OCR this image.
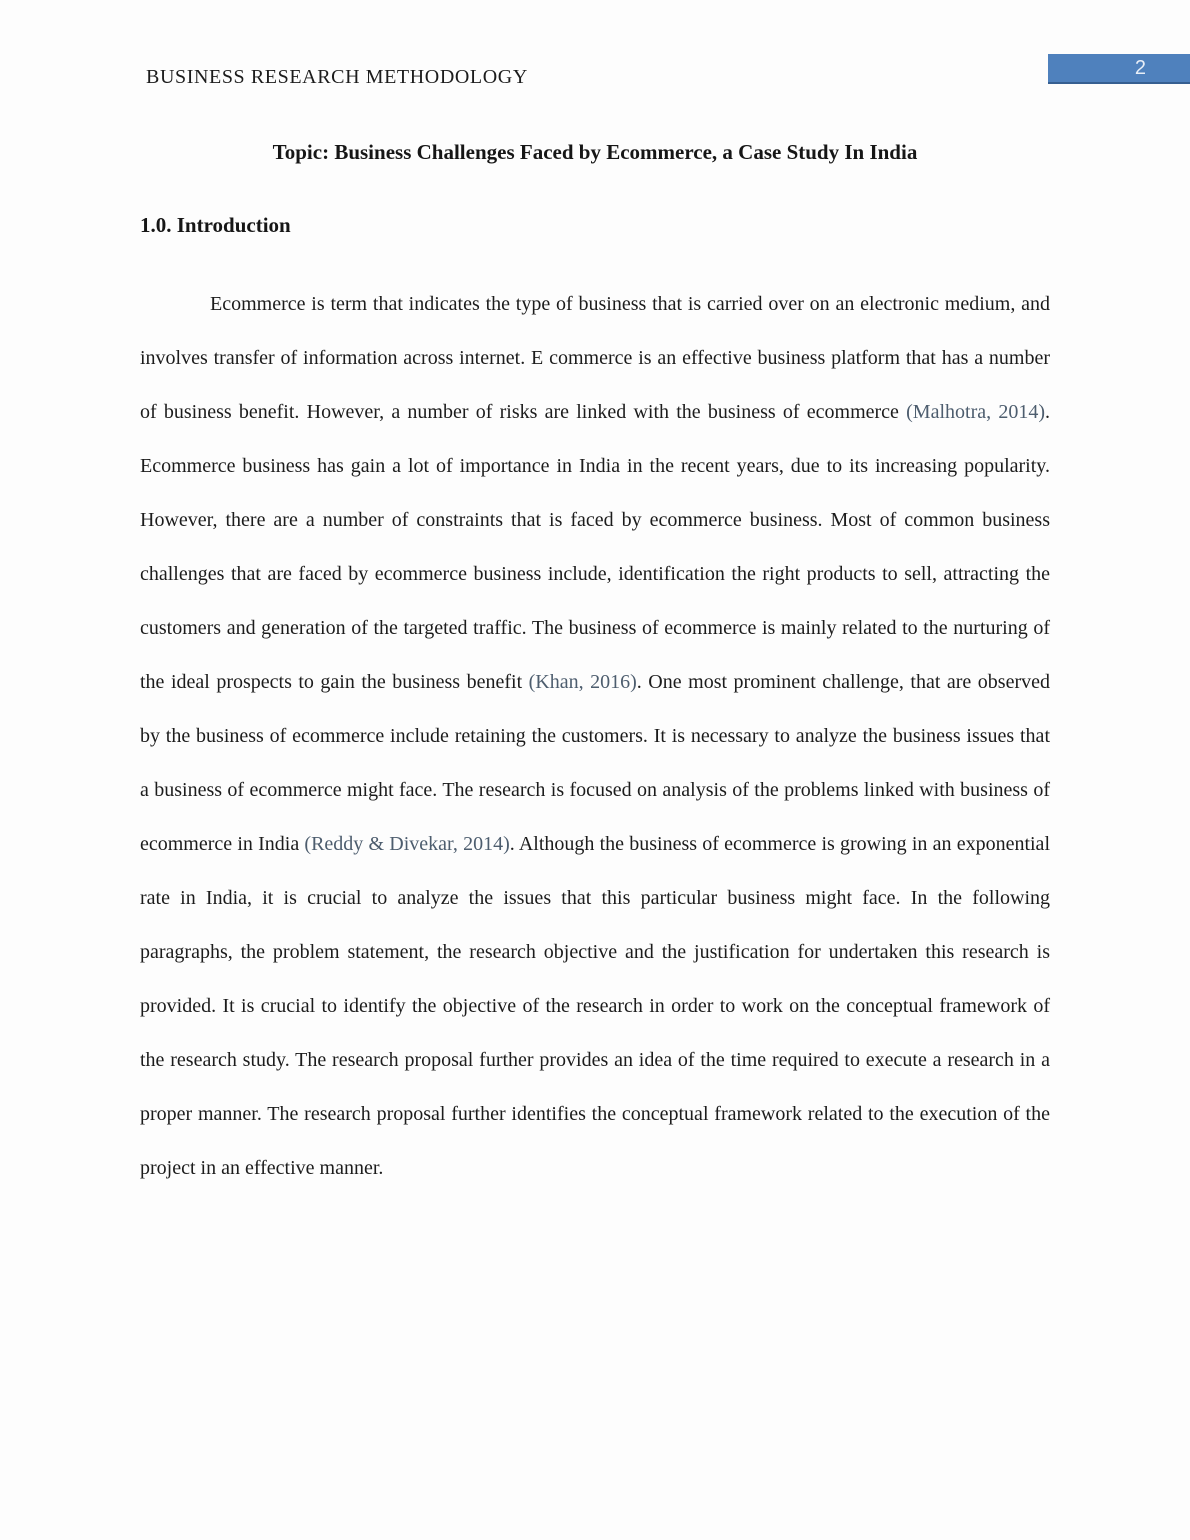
BUSINESS RESEARCH METHODOLOGY	2
Topic: Business Challenges Faced by Ecommerce, a Case Study In India
1.0. Introduction

Ecommerce is term that indicates the type of business that is carried over on an electronic medium, and involves transfer of information across internet. E commerce is an effective business platform that has a number of business benefit. However, a number of risks are linked with the business of ecommerce (Malhotra, 2014). Ecommerce business has gain a lot of importance in India in the recent years, due to its increasing popularity. However, there are a number of constraints that is faced by ecommerce business. Most of common business challenges that are faced by ecommerce business include, identification the right products to sell, attracting the customers and generation of the targeted traffic. The business of ecommerce is mainly related to the nurturing of the ideal prospects to gain the business benefit (Khan, 2016). One most prominent challenge, that are observed by the business of ecommerce include retaining the customers. It is necessary to analyze the business issues that a business of ecommerce might face. The research is focused on analysis of the problems linked with business of ecommerce in India (Reddy & Divekar, 2014). Although the business of ecommerce is growing in an exponential rate in India, it is crucial to analyze the issues that this particular business might face. In the following paragraphs, the problem statement, the research objective and the justification for undertaken this research is provided. It is crucial to identify the objective of the research in order to work on the conceptual framework of the research study. The research proposal further provides an idea of the time required to execute a research in a proper manner. The research proposal further identifies the conceptual framework related to the execution of the project in an effective manner.
